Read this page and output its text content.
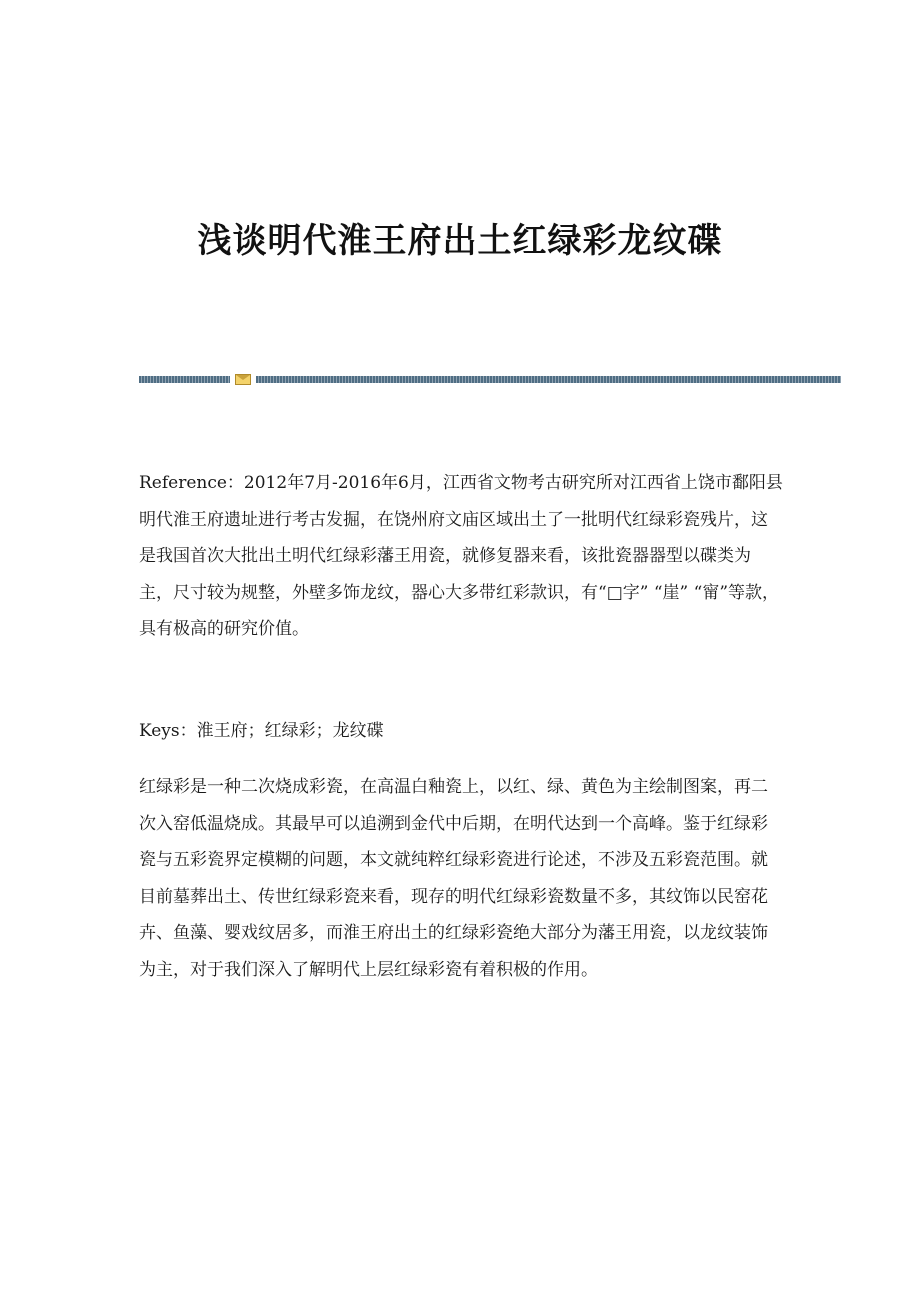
浅谈明代淮王府出土红绿彩龙纹碟

Reference：2012年7月-2016年6月，江西省文物考古研究所对江西省上饶市鄱阳县明代淮王府遗址进行考古发掘，在饶州府文庙区域出土了一批明代红绿彩瓷残片，这是我国首次大批出土明代红绿彩藩王用瓷，就修复器来看，该批瓷器器型以碟类为主，尺寸较为规整，外壁多饰龙纹，器心大多带红彩款识，有“□字” “崖” “甯”等款，具有极高的研究价值。

Keys：淮王府；红绿彩；龙纹碟

红绿彩是一种二次烧成彩瓷，在高温白釉瓷上，以红、绿、黄色为主绘制图案，再二次入窑低温烧成。其最早可以追溯到金代中后期，在明代达到一个高峰。鉴于红绿彩瓷与五彩瓷界定模糊的问题，本文就纯粹红绿彩瓷进行论述，不涉及五彩瓷范围。就目前墓葬出土、传世红绿彩瓷来看，现存的明代红绿彩瓷数量不多，其纹饰以民窑花卉、鱼藻、婴戏纹居多，而淮王府出土的红绿彩瓷绝大部分为藩王用瓷，以龙纹装饰为主，对于我们深入了解明代上层红绿彩瓷有着积极的作用。
